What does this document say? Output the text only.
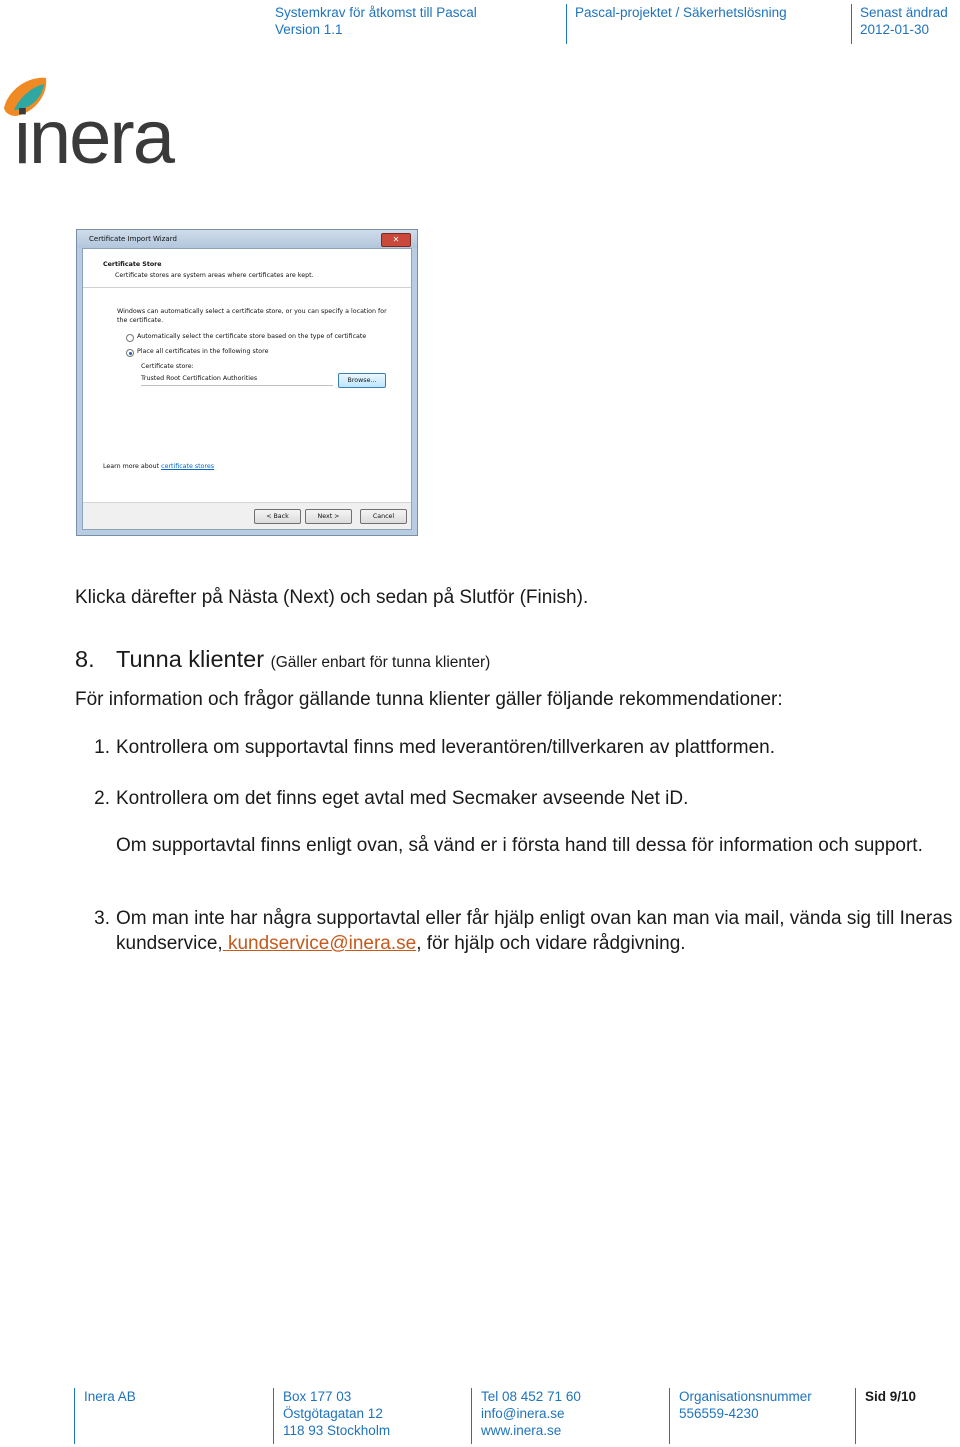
Systemkrav för åtkomst till Pascal
Version 1.1
Pascal-projektet / Säkerhetslösning	Senast ändrad
2012-01-30
inera
Certificate Import Wizard	✕
Certificate Store
Certificate stores are system areas where certificates are kept.
Windows can automatically select a certificate store, or you can specify a location for the certificate.
Automatically select the certificate store based on the type of certificate
Place all certificates in the following store
Certificate store:
Trusted Root Certification Authorities	Browse...
Learn more about certificate stores
< Back	Next >	Cancel
Klicka därefter på Nästa (Next) och sedan på Slutför (Finish).
8. Tunna klienter (Gäller enbart för tunna klienter)
För information och frågor gällande tunna klienter gäller följande rekommendationer:
1. Kontrollera om supportavtal finns med leverantören/tillverkaren av plattformen.
2. Kontrollera om det finns eget avtal med Secmaker avseende Net iD.
Om supportavtal finns enligt ovan, så vänd er i första hand till dessa för information och support.
3. Om man inte har några supportavtal eller får hjälp enligt ovan kan man via mail, vända sig till Ineras kundservice, kundservice@inera.se, för hjälp och vidare rådgivning.
Inera AB	Box 177 03
Östgötagatan 12
118 93 Stockholm
Tel 08 452 71 60
info@inera.se
www.inera.se
Organisationsnummer
556559-4230
Sid 9/10
